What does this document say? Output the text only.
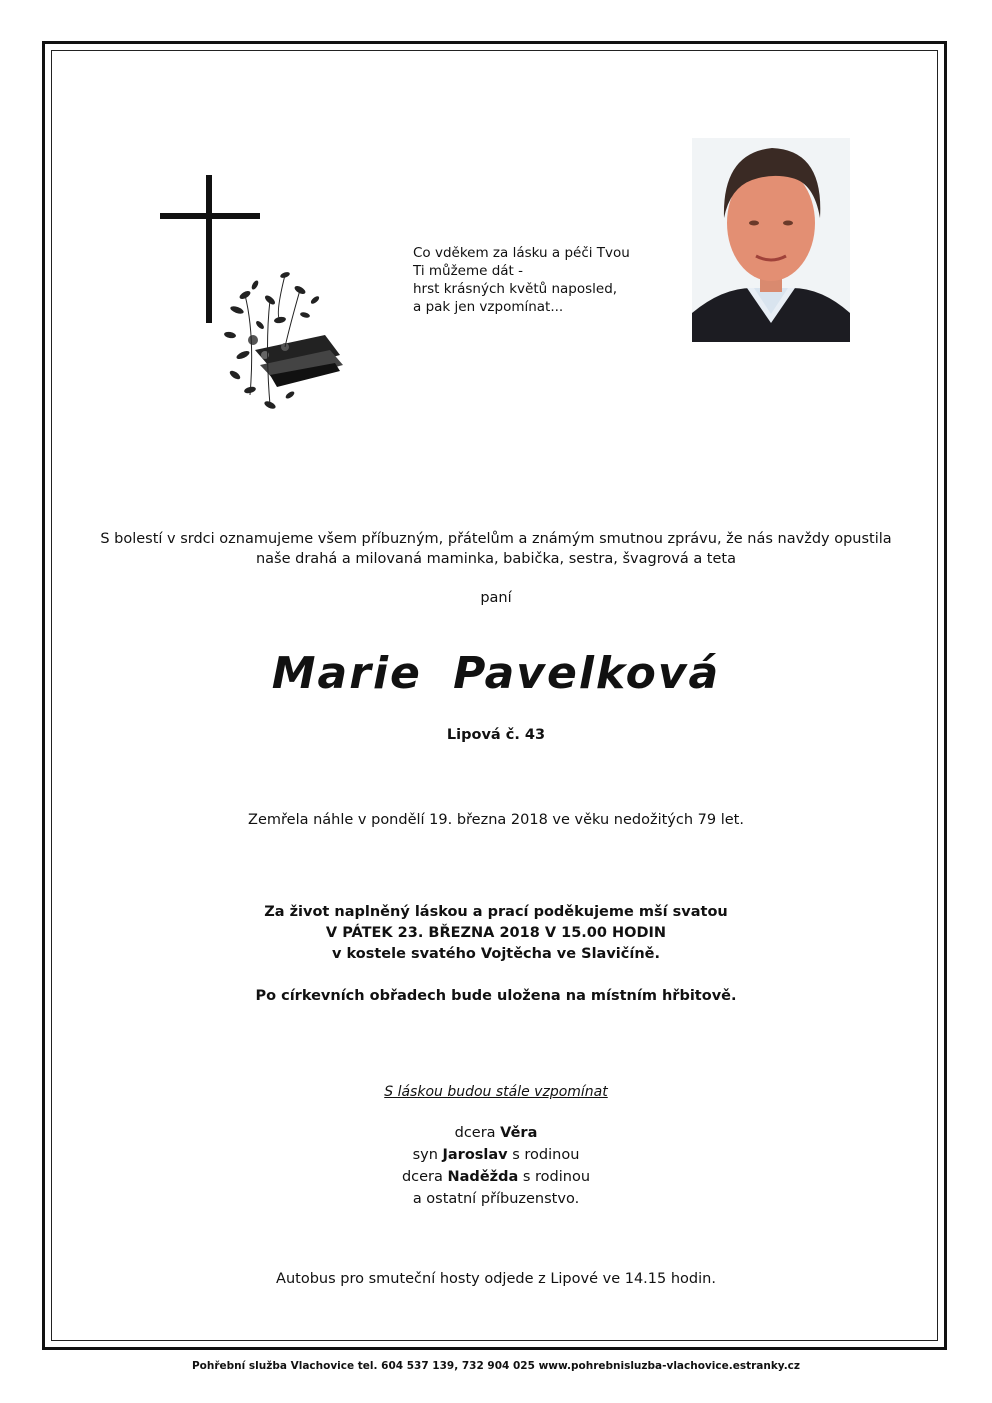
Co vděkem za lásku a péči Tvou
Ti můžeme dát -
hrst krásných květů naposled,
a pak jen vzpomínat...
S bolestí v srdci oznamujeme všem příbuzným, přátelům a známým smutnou zprávu, že nás navždy opustila
naše drahá a milovaná maminka, babička, sestra, švagrová a teta
paní
Marie Pavelková
Lipová č. 43
Zemřela náhle v pondělí 19. března 2018 ve věku nedožitých 79 let.
Za život naplněný láskou a prací poděkujeme mší svatou
V PÁTEK 23. BŘEZNA 2018 V 15.00 HODIN
v kostele svatého Vojtěcha ve Slavičíně.
Po církevních obřadech bude uložena na místním hřbitově.
S láskou budou stále vzpomínat
dcera Věra
syn Jaroslav s rodinou
dcera Naděžda s rodinou
a ostatní příbuzenstvo.
Autobus pro smuteční hosty odjede z Lipové ve 14.15 hodin.
Pohřební služba Vlachovice tel. 604 537 139, 732 904 025 www.pohrebnisluzba-vlachovice.estranky.cz
